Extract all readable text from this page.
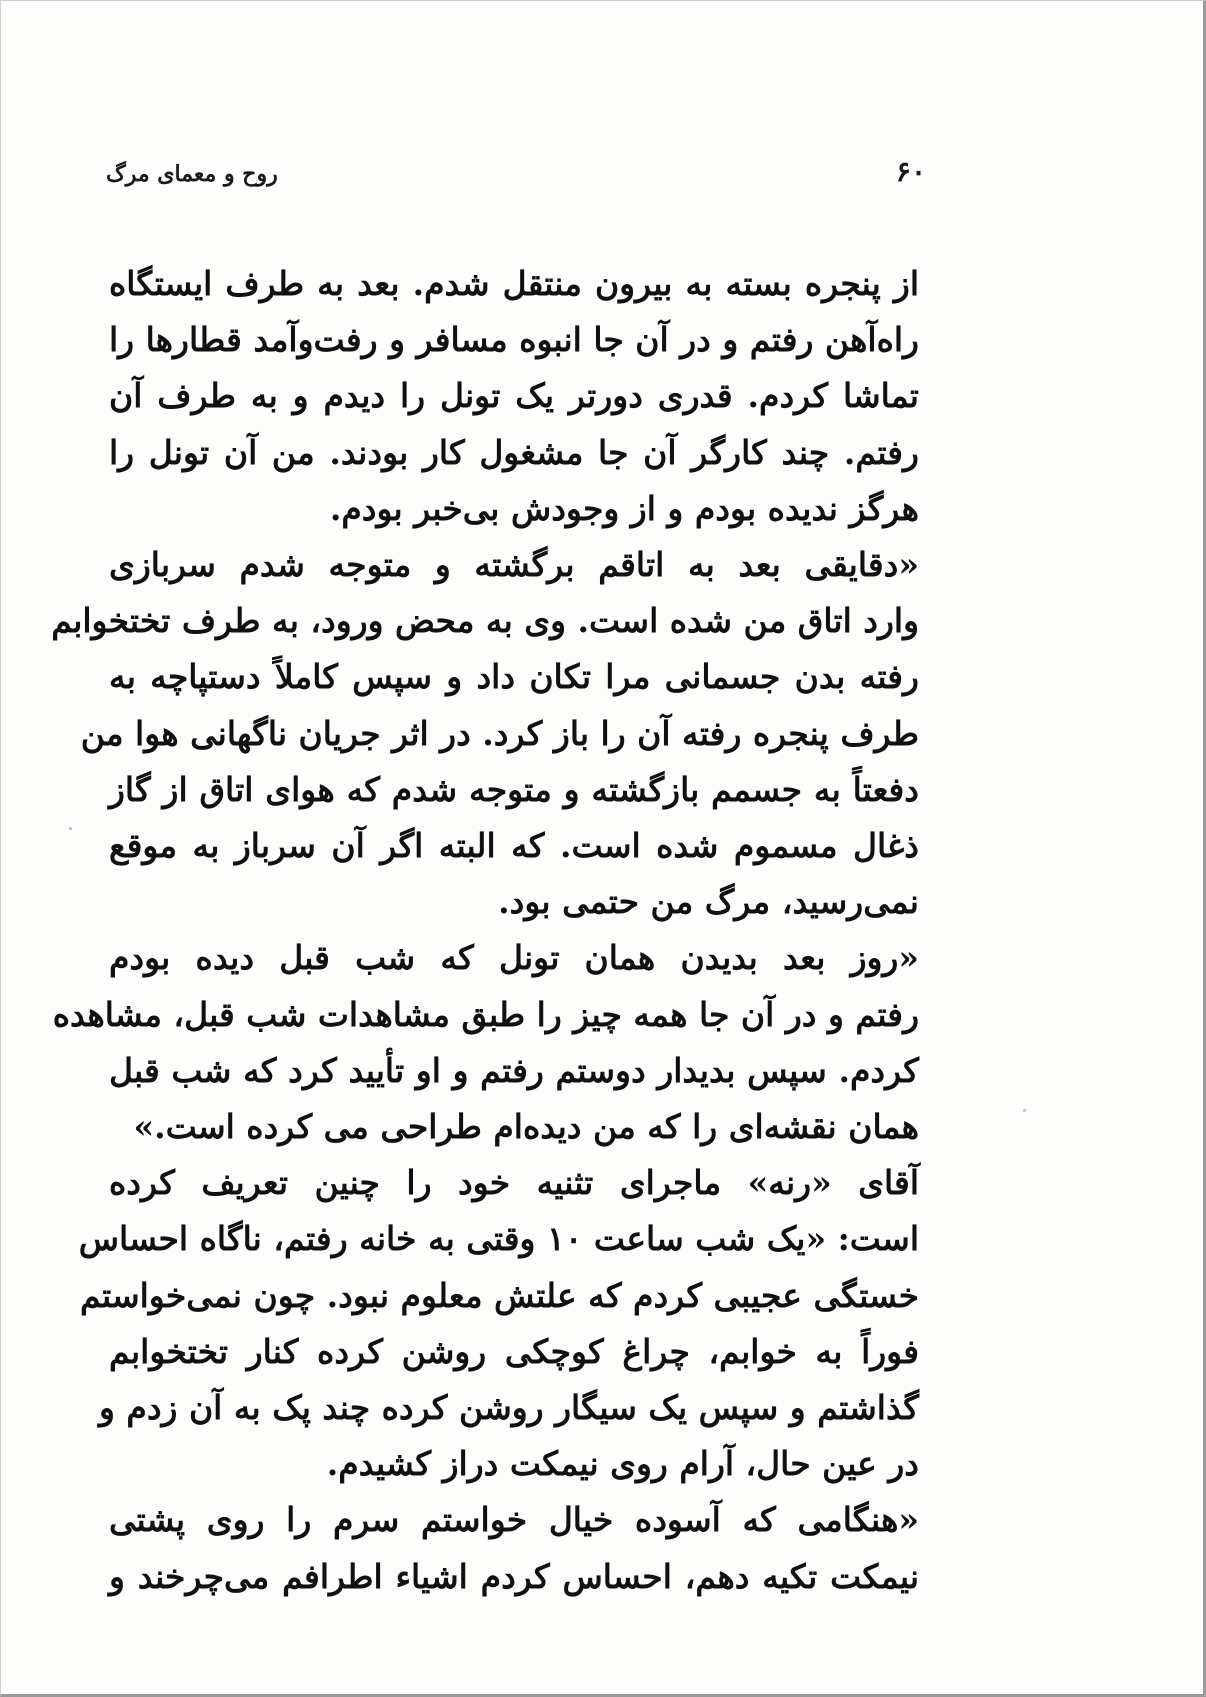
۶۰
روح و معمای مرگ

از پنجره بسته به بیرون منتقل شدم. بعد به طرف ایستگاه
راه‌آهن رفتم و در آن جا انبوه مسافر و رفت‌وآمد قطارها را
تماشا کردم. قدری دورتر یک تونل را دیدم و به طرف آن
رفتم. چند کارگر آن جا مشغول کار بودند. من آن تونل را
هرگز ندیده بودم و از وجودش بی‌خبر بودم.

«دقایقی بعد به اتاقم برگشته و متوجه شدم سربازی
وارد اتاق من شده است. وی به محض ورود، به طرف تختخوابم
رفته بدن جسمانی مرا تکان داد و سپس کاملاً دستپاچه به
طرف پنجره رفته آن را باز کرد. در اثر جریان ناگهانی هوا من
دفعتاً به جسمم بازگشته و متوجه شدم که هوای اتاق از گاز
ذغال مسموم شده است. که البته اگر آن سرباز به موقع
نمی‌رسید، مرگ من حتمی بود.

«روز بعد بدیدن همان تونل که شب قبل دیده بودم
رفتم و در آن جا همه چیز را طبق مشاهدات شب قبل، مشاهده
کردم. سپس بدیدار دوستم رفتم و او تأیید کرد که شب قبل
همان نقشه‌ای را که من دیده‌ام طراحی می کرده است.»

آقای «رنه» ماجرای تثنیه خود را چنین تعریف کرده
است: «یک شب ساعت ۱۰ وقتی به خانه رفتم، ناگاه احساس
خستگی عجیبی کردم که علتش معلوم نبود. چون نمی‌خواستم
فوراً به خوابم، چراغ کوچکی روشن کرده کنار تختخوابم
گذاشتم و سپس یک سیگار روشن کرده چند پک به آن زدم و
در عین حال، آرام روی نیمکت دراز کشیدم.

«هنگامی که آسوده خیال خواستم سرم را روی پشتی
نیمکت تکیه دهم، احساس کردم اشیاء اطرافم می‌چرخند و
